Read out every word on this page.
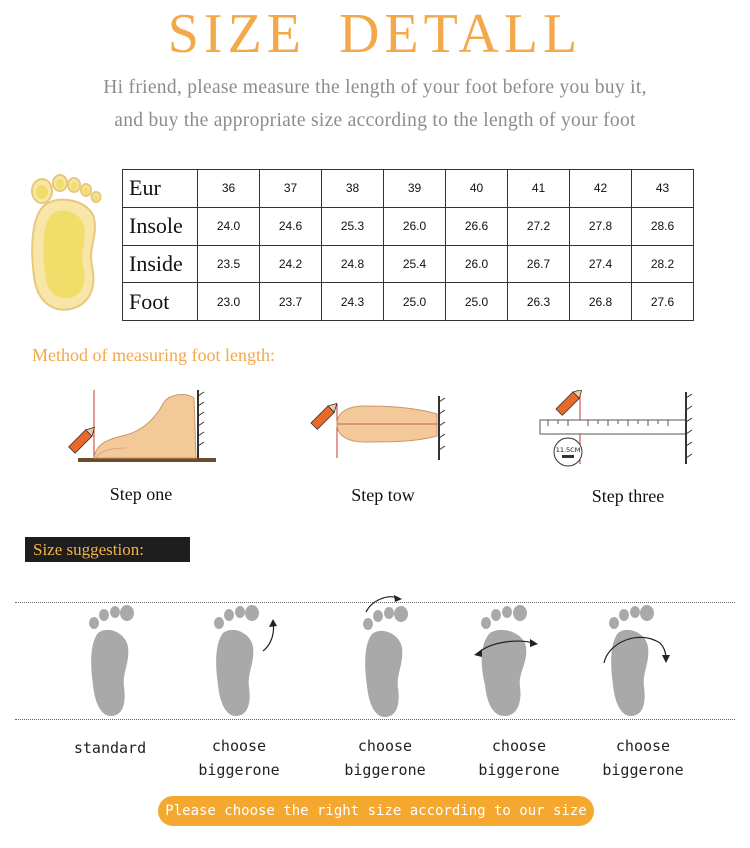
SIZE DETALL
Hi friend, please measure the length of your foot before you buy it,
and buy the appropriate size according to the length of your foot
Eur	36	37	38	39	40	41	42	43
Insole	24.0	24.6	25.3	26.0	26.6	27.2	27.8	28.6
Inside	23.5	24.2	24.8	25.4	26.0	26.7	27.4	28.2
Foot	23.0	23.7	24.3	25.0	25.0	26.3	26.8	27.6
Method of measuring foot length:
Step one	Step tow
11.5CM
Step three
Size suggestion:
standard	choose
biggerone
choose
biggerone
choose
biggerone
choose
biggerone
Please choose the right size according to our size
